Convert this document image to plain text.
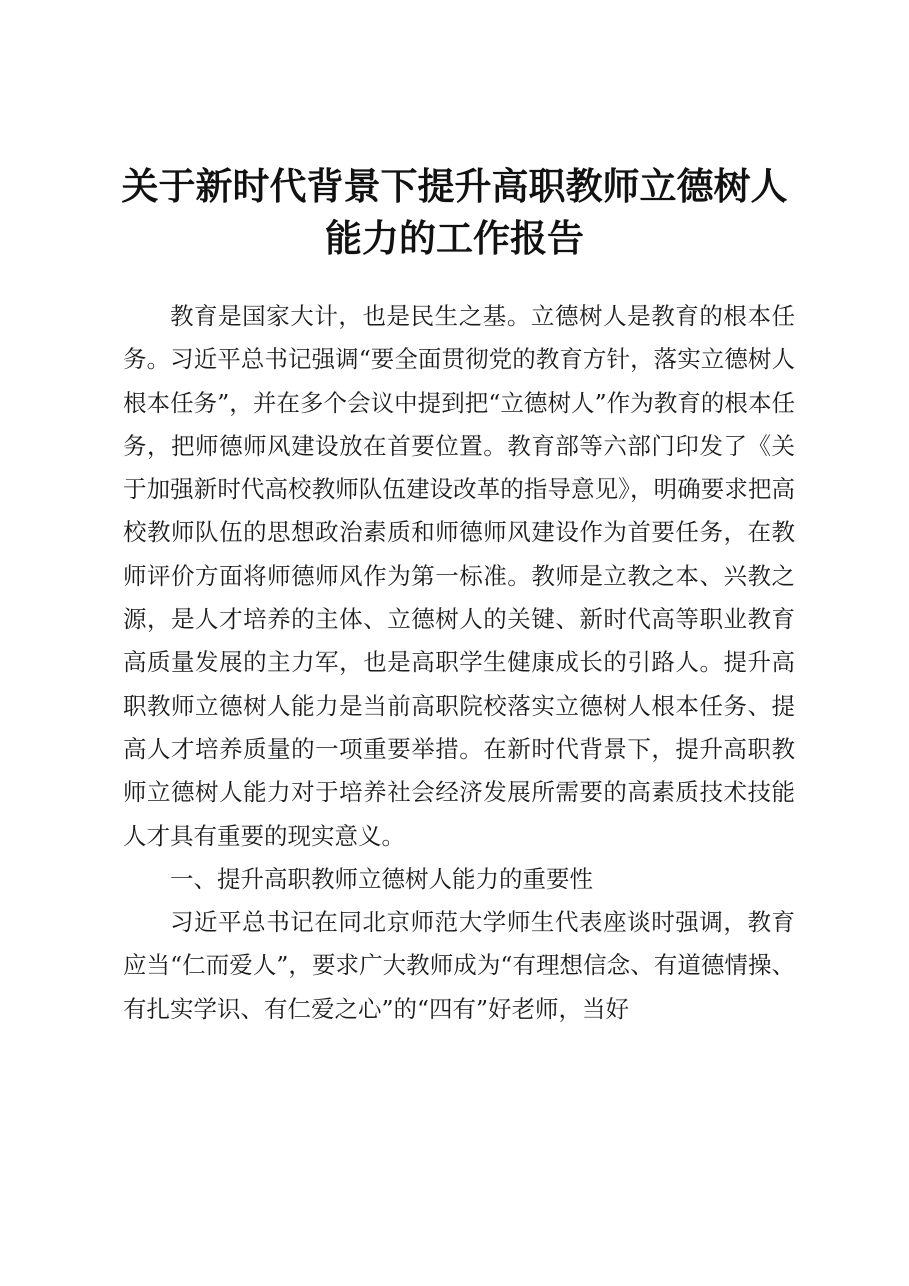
关于新时代背景下提升高职教师立德树人能力的工作报告

教育是国家大计，也是民生之基。立德树人是教育的根本任务。习近平总书记强调“要全面贯彻党的教育方针，落实立德树人根本任务”，并在多个会议中提到把“立德树人”作为教育的根本任务，把师德师风建设放在首要位置。教育部等六部门印发了《关于加强新时代高校教师队伍建设改革的指导意见》，明确要求把高校教师队伍的思想政治素质和师德师风建设作为首要任务，在教师评价方面将师德师风作为第一标准。教师是立教之本、兴教之源，是人才培养的主体、立德树人的关键、新时代高等职业教育高质量发展的主力军，也是高职学生健康成长的引路人。提升高职教师立德树人能力是当前高职院校落实立德树人根本任务、提高人才培养质量的一项重要举措。在新时代背景下，提升高职教师立德树人能力对于培养社会经济发展所需要的高素质技术技能人才具有重要的现实意义。

一、提升高职教师立德树人能力的重要性

习近平总书记在同北京师范大学师生代表座谈时强调，教育应当“仁而爱人”，要求广大教师成为“有理想信念、有道德情操、有扎实学识、有仁爱之心”的“四有”好老师，当好
